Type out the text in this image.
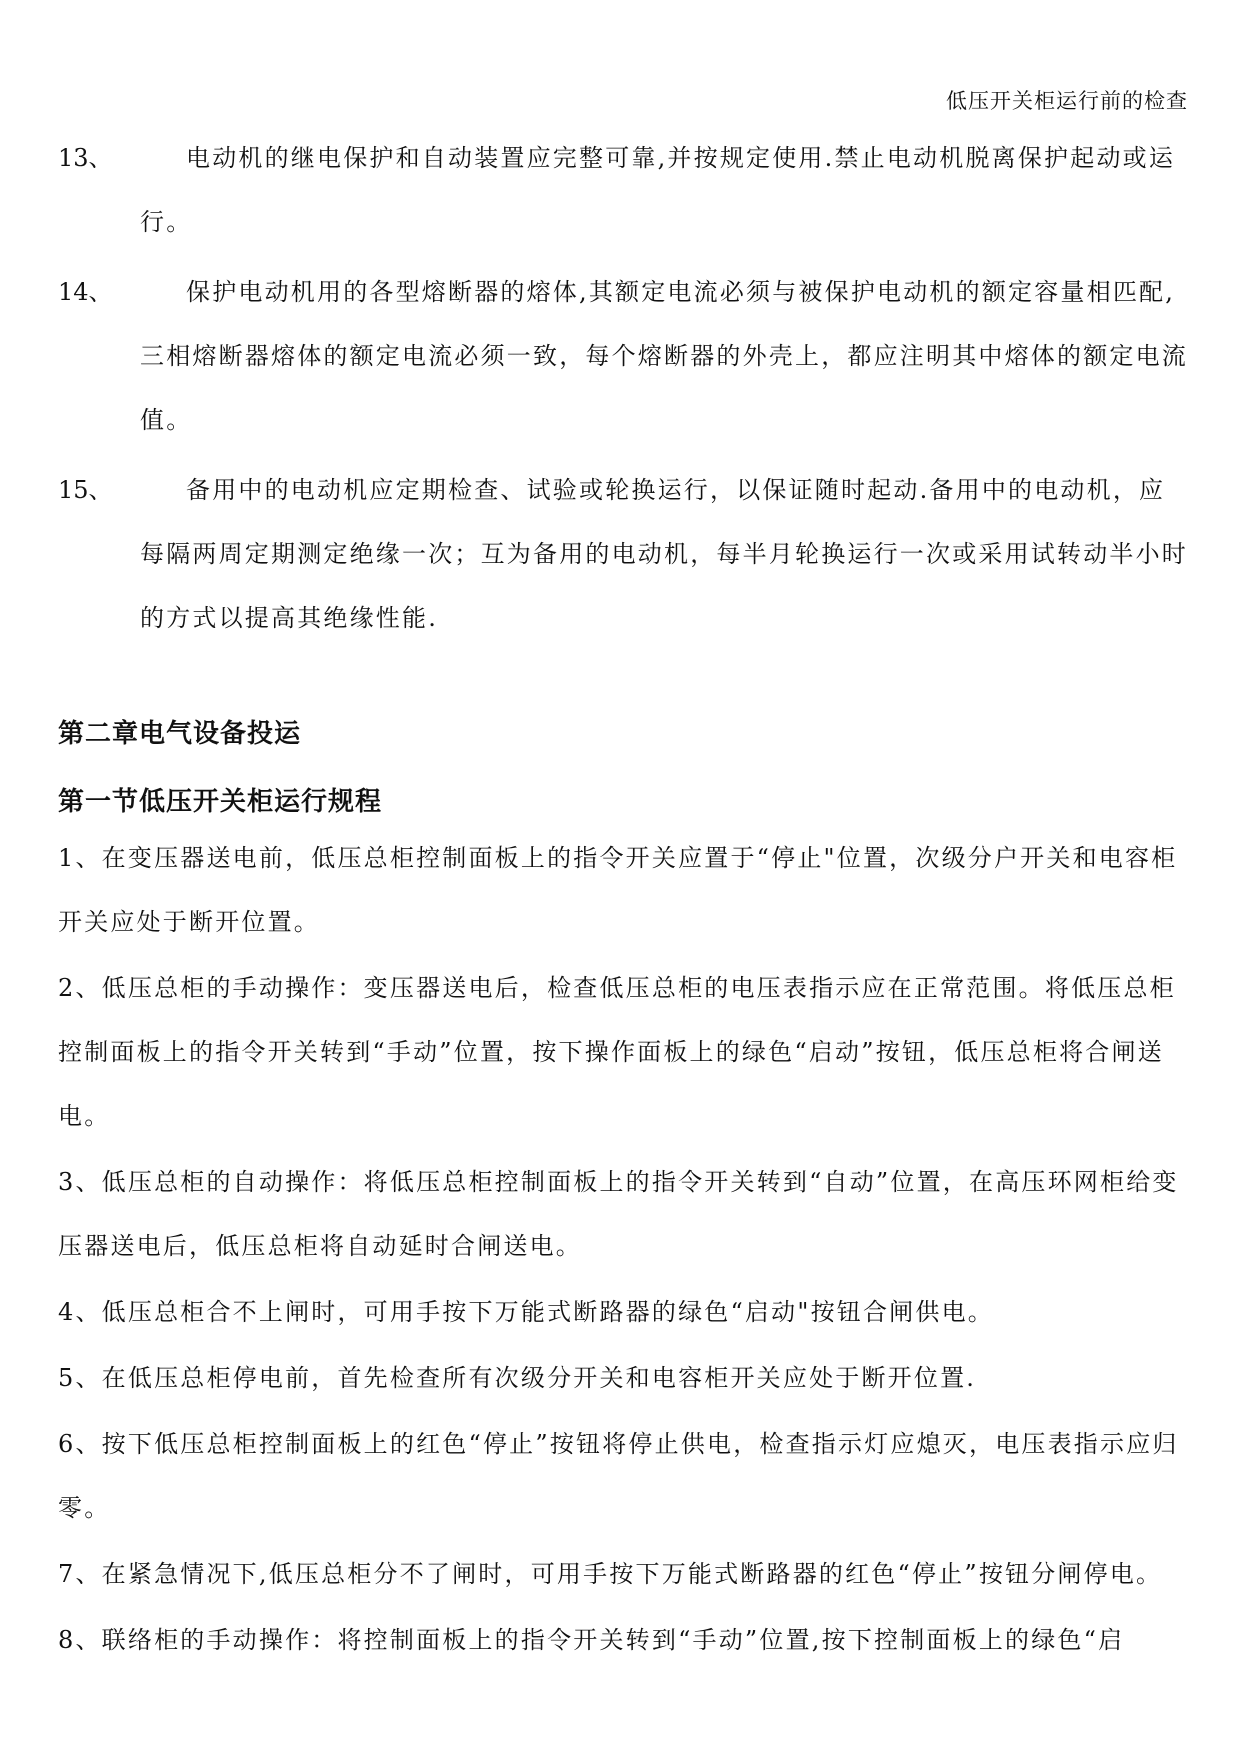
低压开关柜运行前的检查
13、	电动机的继电保护和自动装置应完整可靠,并按规定使用.禁止电动机脱离保护起动或运行。

14、	保护电动机用的各型熔断器的熔体,其额定电流必须与被保护电动机的额定容量相匹配,三相熔断器熔体的额定电流必须一致，每个熔断器的外壳上，都应注明其中熔体的额定电流值。

15、	备用中的电动机应定期检查、试验或轮换运行，以保证随时起动.备用中的电动机，应每隔两周定期测定绝缘一次；互为备用的电动机，每半月轮换运行一次或采用试转动半小时的方式以提高其绝缘性能.

第二章电气设备投运
第一节低压开关柜运行规程

1、在变压器送电前，低压总柜控制面板上的指令开关应置于“停止"位置，次级分户开关和电容柜开关应处于断开位置。

2、低压总柜的手动操作：变压器送电后，检查低压总柜的电压表指示应在正常范围。将低压总柜控制面板上的指令开关转到“手动”位置，按下操作面板上的绿色“启动”按钮，低压总柜将合闸送电。

3、低压总柜的自动操作：将低压总柜控制面板上的指令开关转到“自动”位置，在高压环网柜给变压器送电后，低压总柜将自动延时合闸送电。

4、低压总柜合不上闸时，可用手按下万能式断路器的绿色“启动"按钮合闸供电。

5、在低压总柜停电前，首先检查所有次级分开关和电容柜开关应处于断开位置.

6、按下低压总柜控制面板上的红色“停止”按钮将停止供电，检查指示灯应熄灭，电压表指示应归零。

7、在紧急情况下,低压总柜分不了闸时，可用手按下万能式断路器的红色“停止”按钮分闸停电。

8、联络柜的手动操作：将控制面板上的指令开关转到“手动”位置,按下控制面板上的绿色“启
